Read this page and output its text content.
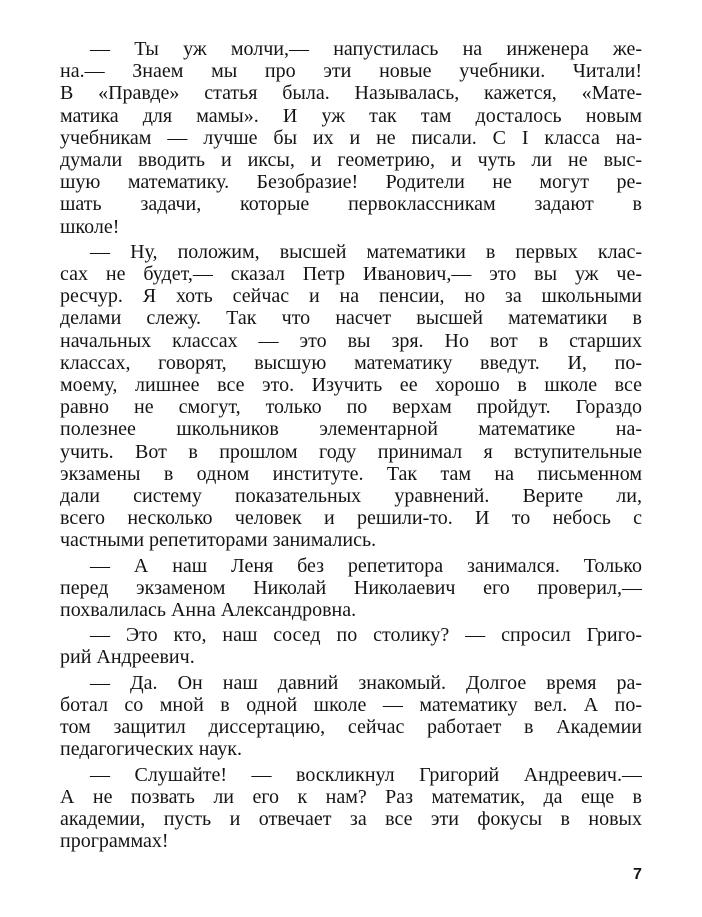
— Ты уж молчи,— напустилась на инженера же-
на.— Знаем мы про эти новые учебники. Читали!
В «Правде» статья была. Называлась, кажется, «Мате-
матика для мамы». И уж так там досталось новым
учебникам — лучше бы их и не писали. С I класса на-
думали вводить и иксы, и геометрию, и чуть ли не выс-
шую математику. Безобразие! Родители не могут ре-
шать задачи, которые первоклассникам задают в
школе!

— Ну, положим, высшей математики в первых клас-
сах не будет,— сказал Петр Иванович,— это вы уж че-
ресчур. Я хоть сейчас и на пенсии, но за школьными
делами слежу. Так что насчет высшей математики в
начальных классах — это вы зря. Но вот в старших
классах, говорят, высшую математику введут. И, по-
моему, лишнее все это. Изучить ее хорошо в школе все
равно не смогут, только по верхам пройдут. Гораздо
полезнее школьников элементарной математике на-
учить. Вот в прошлом году принимал я вступительные
экзамены в одном институте. Так там на письменном
дали систему показательных уравнений. Верите ли,
всего несколько человек и решили-то. И то небось с
частными репетиторами занимались.

— А наш Леня без репетитора занимался. Только
перед экзаменом Николай Николаевич его проверил,—
похвалилась Анна Александровна.

— Это кто, наш сосед по столику? — спросил Григо-
рий Андреевич.

— Да. Он наш давний знакомый. Долгое время ра-
ботал со мной в одной школе — математику вел. А по-
том защитил диссертацию, сейчас работает в Академии
педагогических наук.

— Слушайте! — воскликнул Григорий Андреевич.—
А не позвать ли его к нам? Раз математик, да еще в
академии, пусть и отвечает за все эти фокусы в новых
программах!

7
